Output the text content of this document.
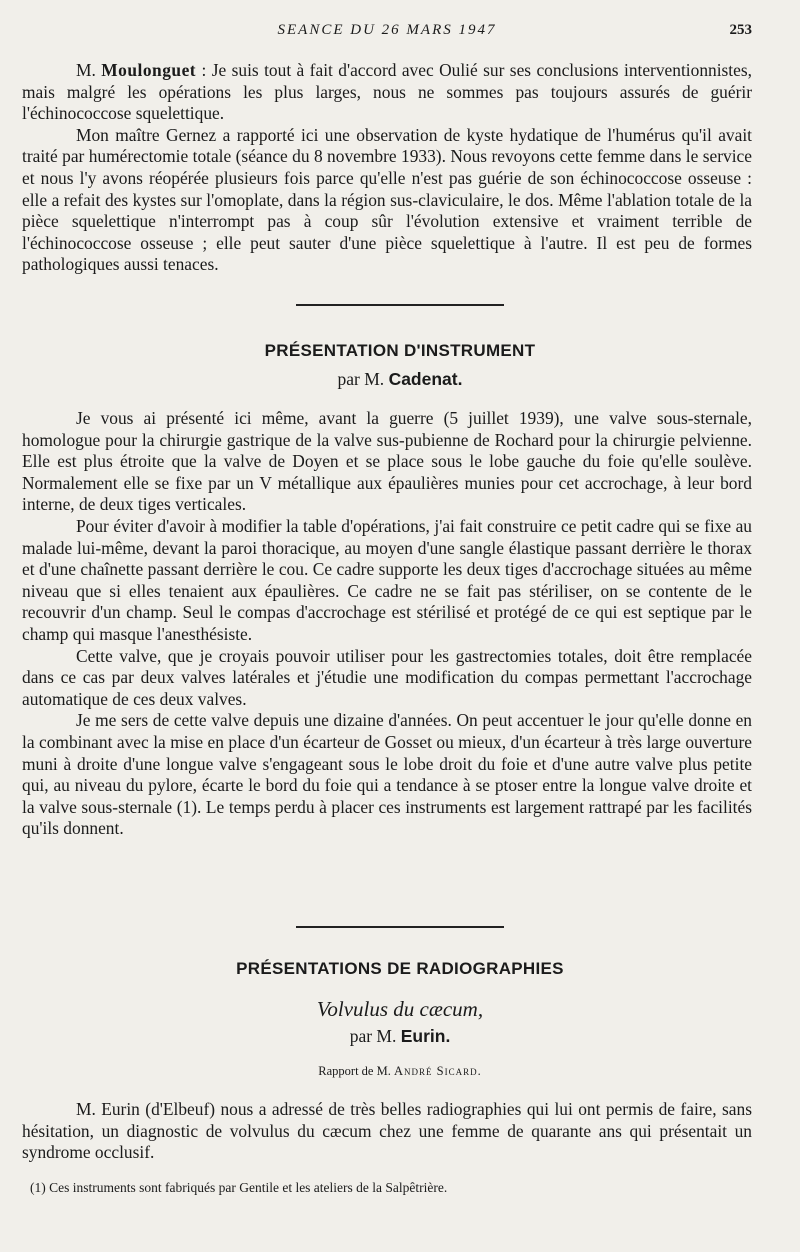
SEANCE DU 26 MARS 1947	253

M. Moulonguet : Je suis tout à fait d'accord avec Oulié sur ses conclusions interventionnistes, mais malgré les opérations les plus larges, nous ne sommes pas toujours assurés de guérir l'échinococcose squelettique.

Mon maître Gernez a rapporté ici une observation de kyste hydatique de l'humérus qu'il avait traité par humérectomie totale (séance du 8 novembre 1933). Nous revoyons cette femme dans le service et nous l'y avons réopérée plusieurs fois parce qu'elle n'est pas guérie de son échinococcose osseuse : elle a refait des kystes sur l'omoplate, dans la région sus-claviculaire, le dos. Même l'ablation totale de la pièce squelettique n'interrompt pas à coup sûr l'évolution extensive et vraiment terrible de l'échinococcose osseuse ; elle peut sauter d'une pièce squelettique à l'autre. Il est peu de formes pathologiques aussi tenaces.

PRÉSENTATION D'INSTRUMENT
par M. Cadenat.

Je vous ai présenté ici même, avant la guerre (5 juillet 1939), une valve sous-sternale, homologue pour la chirurgie gastrique de la valve sus-pubienne de Rochard pour la chirurgie pelvienne. Elle est plus étroite que la valve de Doyen et se place sous le lobe gauche du foie qu'elle soulève. Normalement elle se fixe par un V métallique aux épaulières munies pour cet accrochage, à leur bord interne, de deux tiges verticales.

Pour éviter d'avoir à modifier la table d'opérations, j'ai fait construire ce petit cadre qui se fixe au malade lui-même, devant la paroi thoracique, au moyen d'une sangle élastique passant derrière le thorax et d'une chaînette passant derrière le cou. Ce cadre supporte les deux tiges d'accrochage situées au même niveau que si elles tenaient aux épaulières. Ce cadre ne se fait pas stériliser, on se contente de le recouvrir d'un champ. Seul le compas d'accrochage est stérilisé et protégé de ce qui est septique par le champ qui masque l'anesthésiste.

Cette valve, que je croyais pouvoir utiliser pour les gastrectomies totales, doit être remplacée dans ce cas par deux valves latérales et j'étudie une modification du compas permettant l'accrochage automatique de ces deux valves.

Je me sers de cette valve depuis une dizaine d'années. On peut accentuer le jour qu'elle donne en la combinant avec la mise en place d'un écarteur de Gosset ou mieux, d'un écarteur à très large ouverture muni à droite d'une longue valve s'engageant sous le lobe droit du foie et d'une autre valve plus petite qui, au niveau du pylore, écarte le bord du foie qui a tendance à se ptoser entre la longue valve droite et la valve sous-sternale (1). Le temps perdu à placer ces instruments est largement rattrapé par les facilités qu'ils donnent.

PRÉSENTATIONS DE RADIOGRAPHIES
Volvulus du cæcum,
par M. Eurin.
Rapport de M. André Sicard.

M. Eurin (d'Elbeuf) nous a adressé de très belles radiographies qui lui ont permis de faire, sans hésitation, un diagnostic de volvulus du cæcum chez une femme de quarante ans qui présentait un syndrome occlusif.

(1) Ces instruments sont fabriqués par Gentile et les ateliers de la Salpêtrière.
